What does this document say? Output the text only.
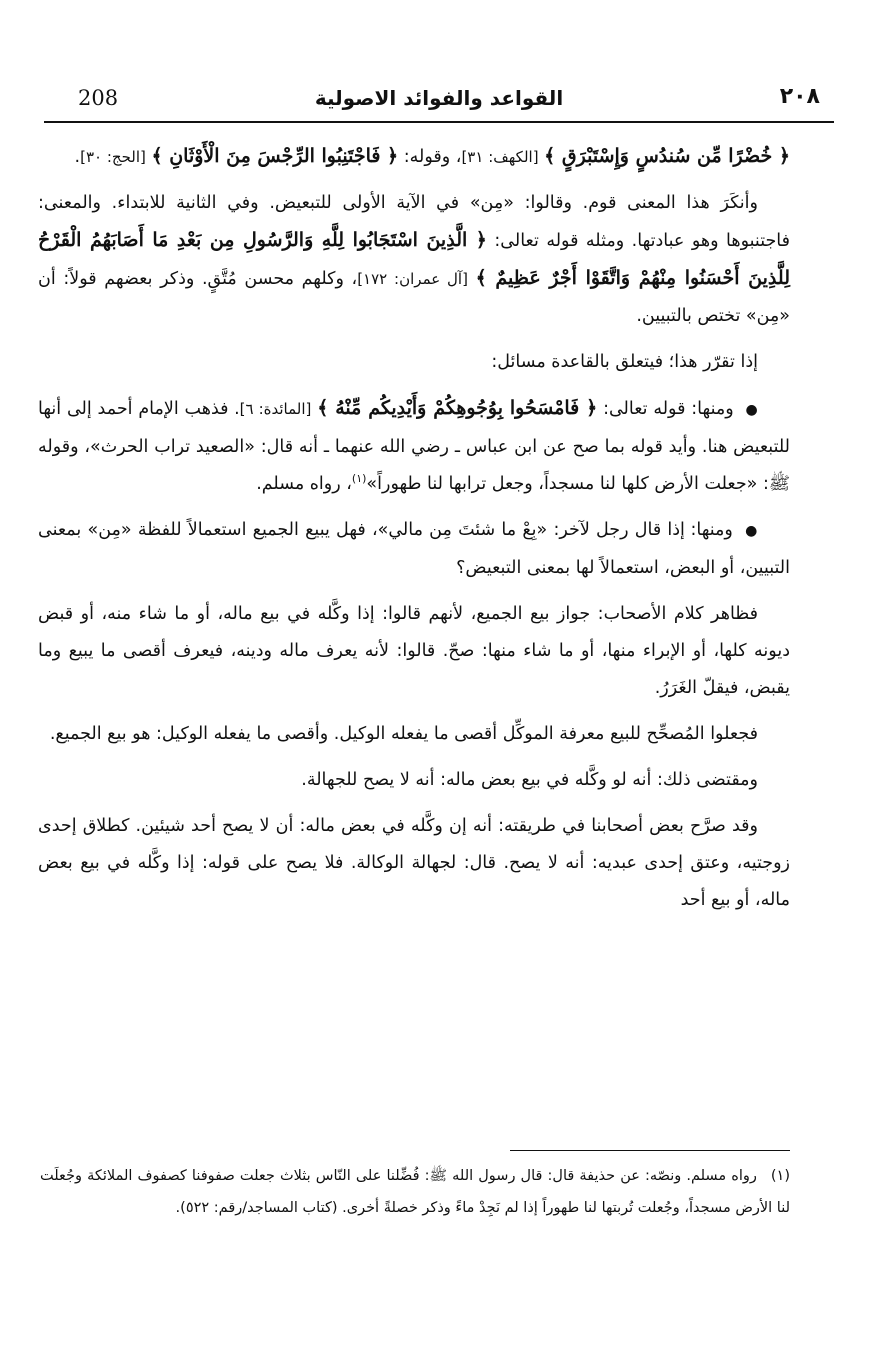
208	القواعد والفوائد الاصولية	٢٠٨

﴿ خُضْرًا مِّن سُندُسٍ وَإِسْتَبْرَقٍ ﴾ [الكهف: ٣١]، وقوله: ﴿ فَاجْتَنِبُوا الرِّجْسَ مِنَ الْأَوْثَانِ ﴾ [الحج: ٣٠].

وأنكَرَ هذا المعنى قوم. وقالوا: «مِن» في الآية الأولى للتبعيض. وفي الثانية للابتداء. والمعنى: فاجتنبوها وهو عبادتها. ومثله قوله تعالى: ﴿ الَّذِينَ اسْتَجَابُوا لِلَّهِ وَالرَّسُولِ مِن بَعْدِ مَا أَصَابَهُمُ الْقَرْحُ لِلَّذِينَ أَحْسَنُوا مِنْهُمْ وَاتَّقَوْا أَجْرٌ عَظِيمٌ ﴾ [آل عمران: ١٧٢]، وكلهم محسن مُتَّقٍ. وذكر بعضهم قولاً: أن «مِن» تختص بالتبيين.

إذا تقرّر هذا؛ فيتعلق بالقاعدة مسائل:

● ومنها: قوله تعالى: ﴿ فَامْسَحُوا بِوُجُوهِكُمْ وَأَيْدِيكُم مِّنْهُ ﴾ [المائدة: ٦]. فذهب الإمام أحمد إلى أنها للتبعيض هنا. وأيد قوله بما صح عن ابن عباس ـ رضي الله عنهما ـ أنه قال: «الصعيد تراب الحرث»، وقوله ﷺ: «جعلت الأرض كلها لنا مسجداً، وجعل ترابها لنا طهوراً»$^{(١)}$، رواه مسلم.

● ومنها: إذا قال رجل لآخر: «بِعْ ما شئتَ مِن مالي»، فهل يبيع الجميع استعمالاً للفظة «مِن» بمعنى التبيين، أو البعض، استعمالاً لها بمعنى التبعيض؟

فظاهر كلام الأصحاب: جواز بيع الجميع، لأنهم قالوا: إذا وكَّله في بيع ماله، أو ما شاء منه، أو قبض ديونه كلها، أو الإبراء منها، أو ما شاء منها: صحّ. قالوا: لأنه يعرف ماله ودينه، فيعرف أقصى ما يبيع وما يقبض، فيقلّ الغَرَرُ.

فجعلوا المُصحِّح للبيع معرفة الموكِّل أقصى ما يفعله الوكيل. وأقصى ما يفعله الوكيل: هو بيع الجميع.

ومقتضى ذلك: أنه لو وكَّله في بيع بعض ماله: أنه لا يصح للجهالة.

وقد صرَّح بعض أصحابنا في طريقته: أنه إن وكَّله في بعض ماله: أن لا يصح أحد شيئين. كطلاق إحدى زوجتيه، وعتق إحدى عبديه: أنه لا يصح. قال: لجهالة الوكالة. فلا يصح على قوله: إذا وكَّله في بيع بعض ماله، أو بيع أحد

(١)رواه مسلم. ونصّه: عن حذيفة قال: قال رسول الله ﷺ: فُضِّلنا على النّاس بثلاث جعلت صفوفنا كصفوف الملائكة وجُعلَت لنا الأرض مسجداً، وجُعلت تُربتها لنا طهوراً إذا لم نَجِدْ ماءً وذكر خصلةً أخرى. (كتاب المساجد/رقم: ٥٢٢).
